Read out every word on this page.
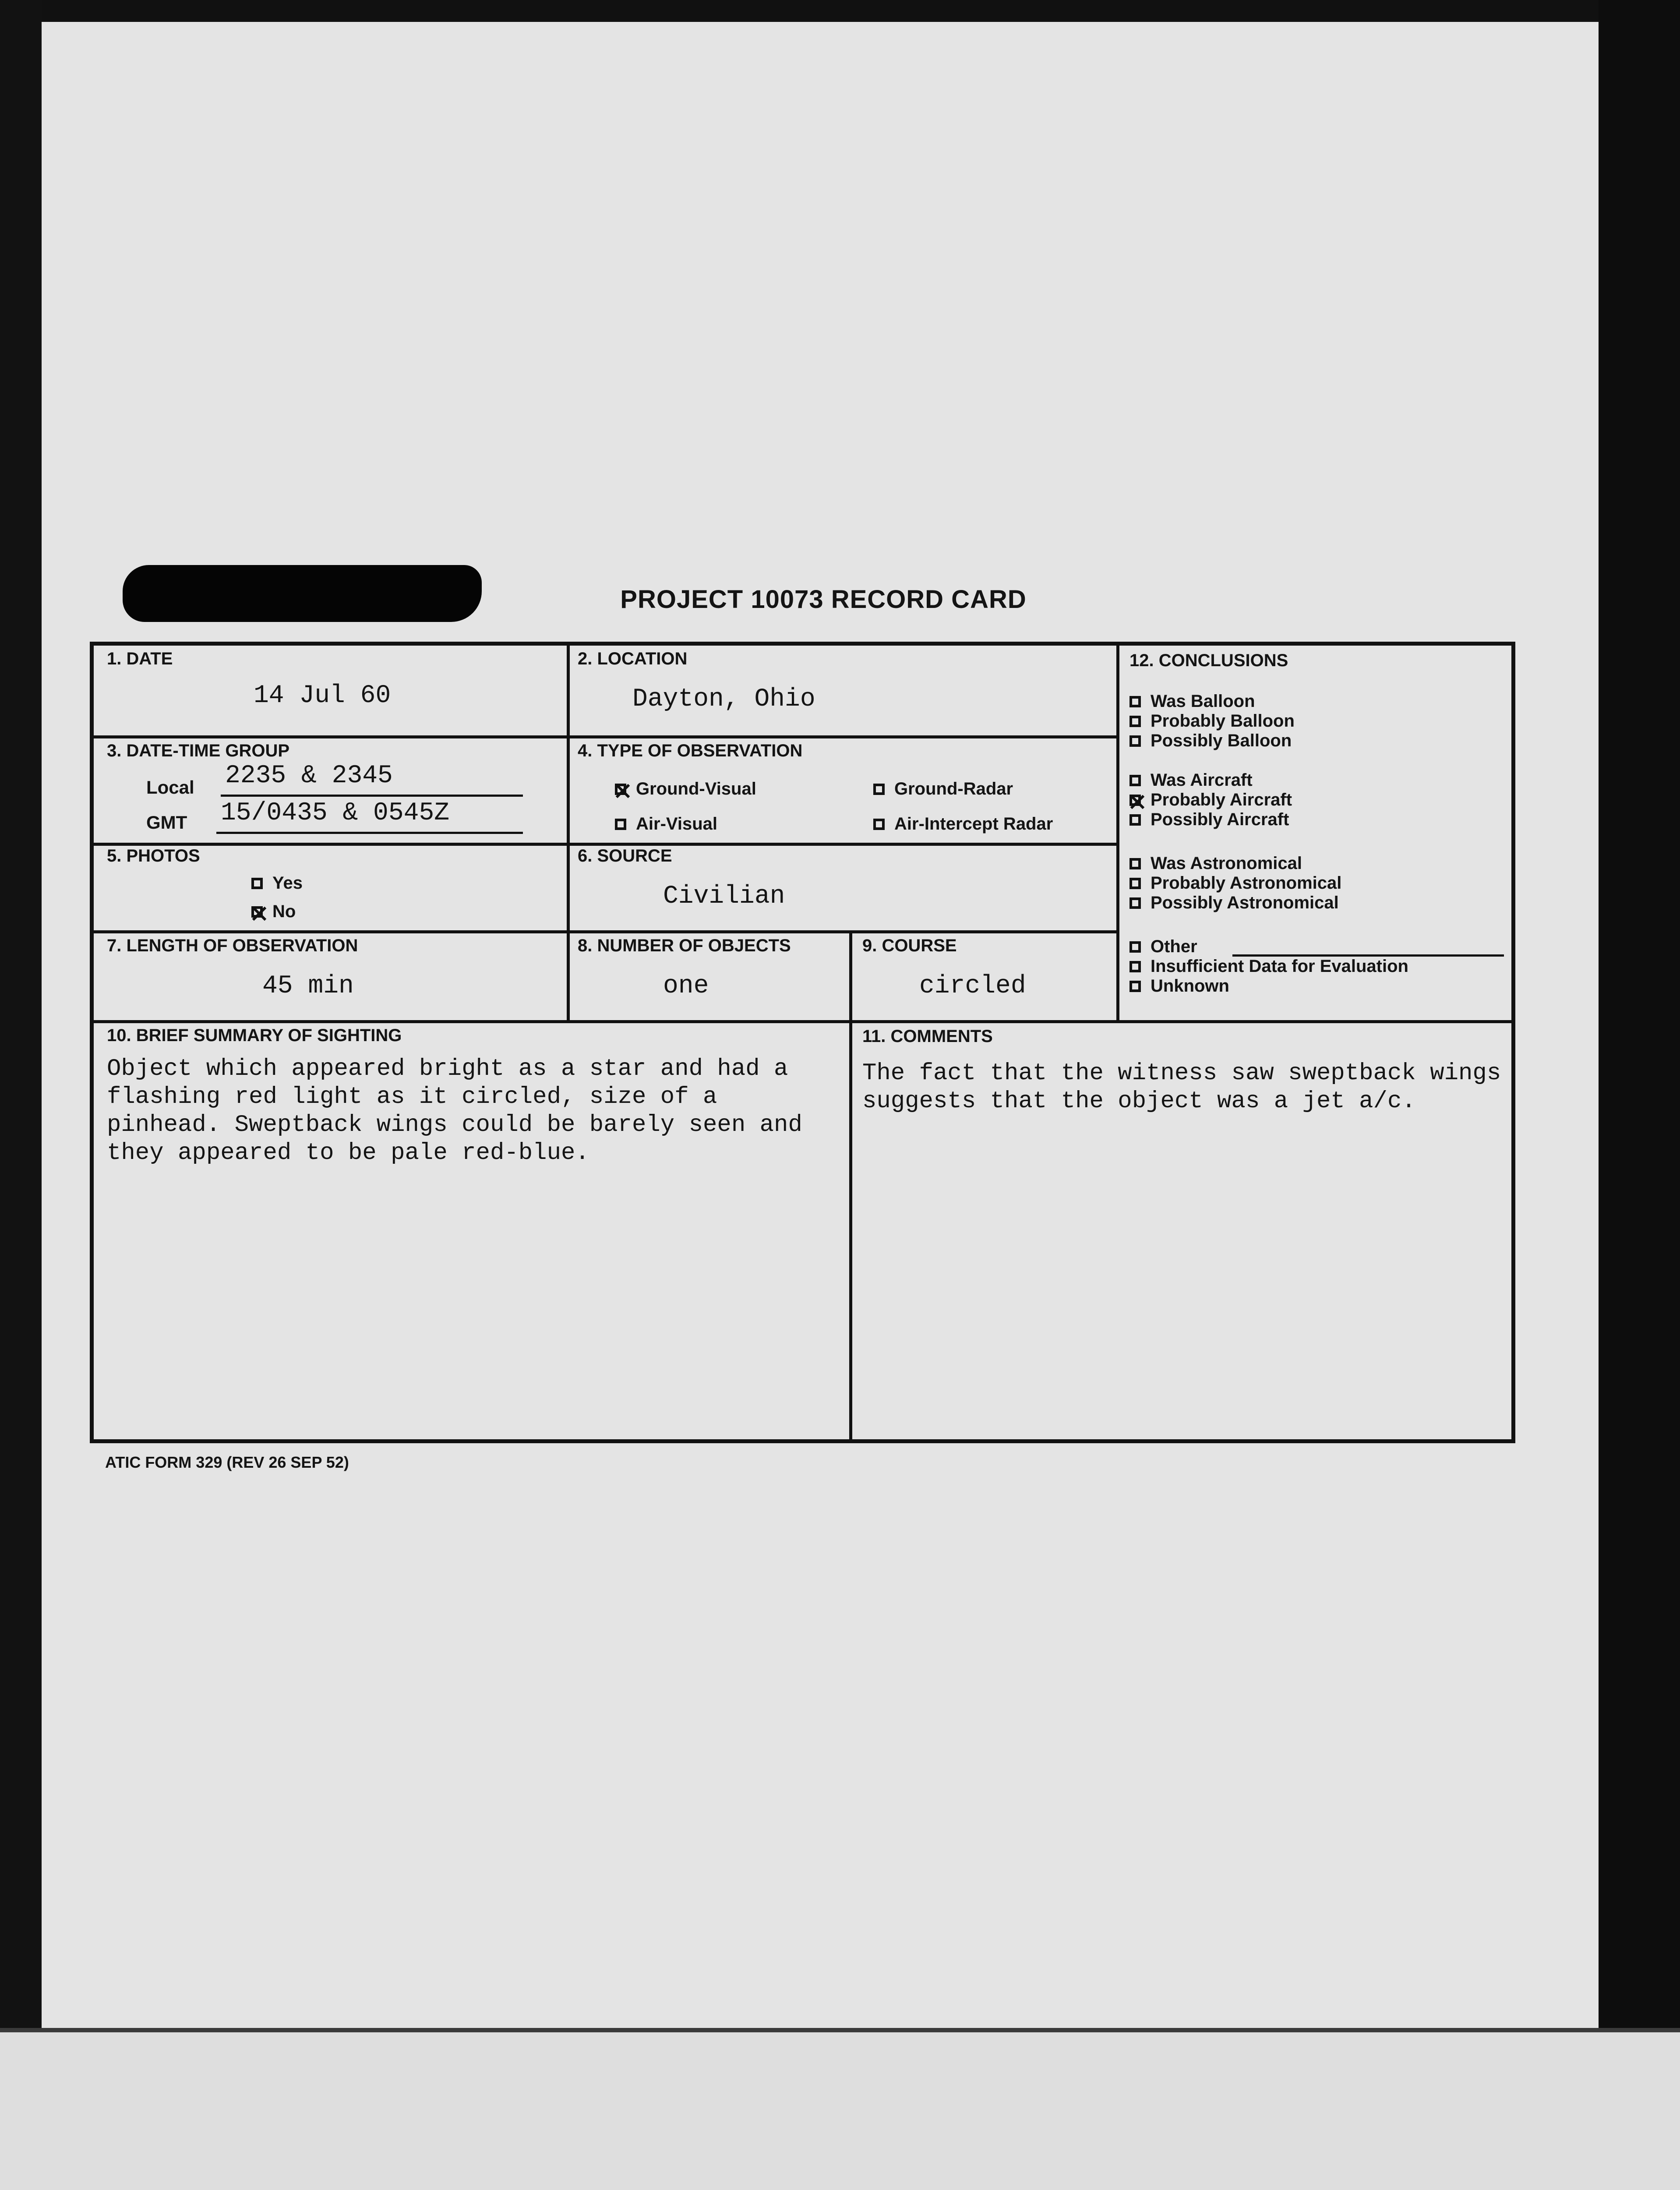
PROJECT 10073 RECORD CARD
1. DATE
14 Jul 60
2. LOCATION
Dayton, Ohio
3. DATE-TIME GROUP
Local 2235 & 2345
GMT 15/0435 & 0545Z
4. TYPE OF OBSERVATION
Ground-Visual	Ground-Radar
Air-Visual	Air-Intercept Radar
5. PHOTOS
Yes
No
6. SOURCE
Civilian
7. LENGTH OF OBSERVATION
45 min
8. NUMBER OF OBJECTS
one
9. COURSE
circled
12. CONCLUSIONS
Was Balloon
Probably Balloon
Possibly Balloon
Was Aircraft
Probably Aircraft
Possibly Aircraft
Was Astronomical
Probably Astronomical
Possibly Astronomical
Other
Insufficient Data for Evaluation
Unknown
10. BRIEF SUMMARY OF SIGHTING
Object which appeared bright as a star and had a flashing red light as it circled, size of a pinhead. Sweptback wings could be barely seen and they appeared to be pale red-blue.
11. COMMENTS
The fact that the witness saw sweptback wings suggests that the object was a jet a/c.
ATIC FORM 329 (REV 26 SEP 52)
